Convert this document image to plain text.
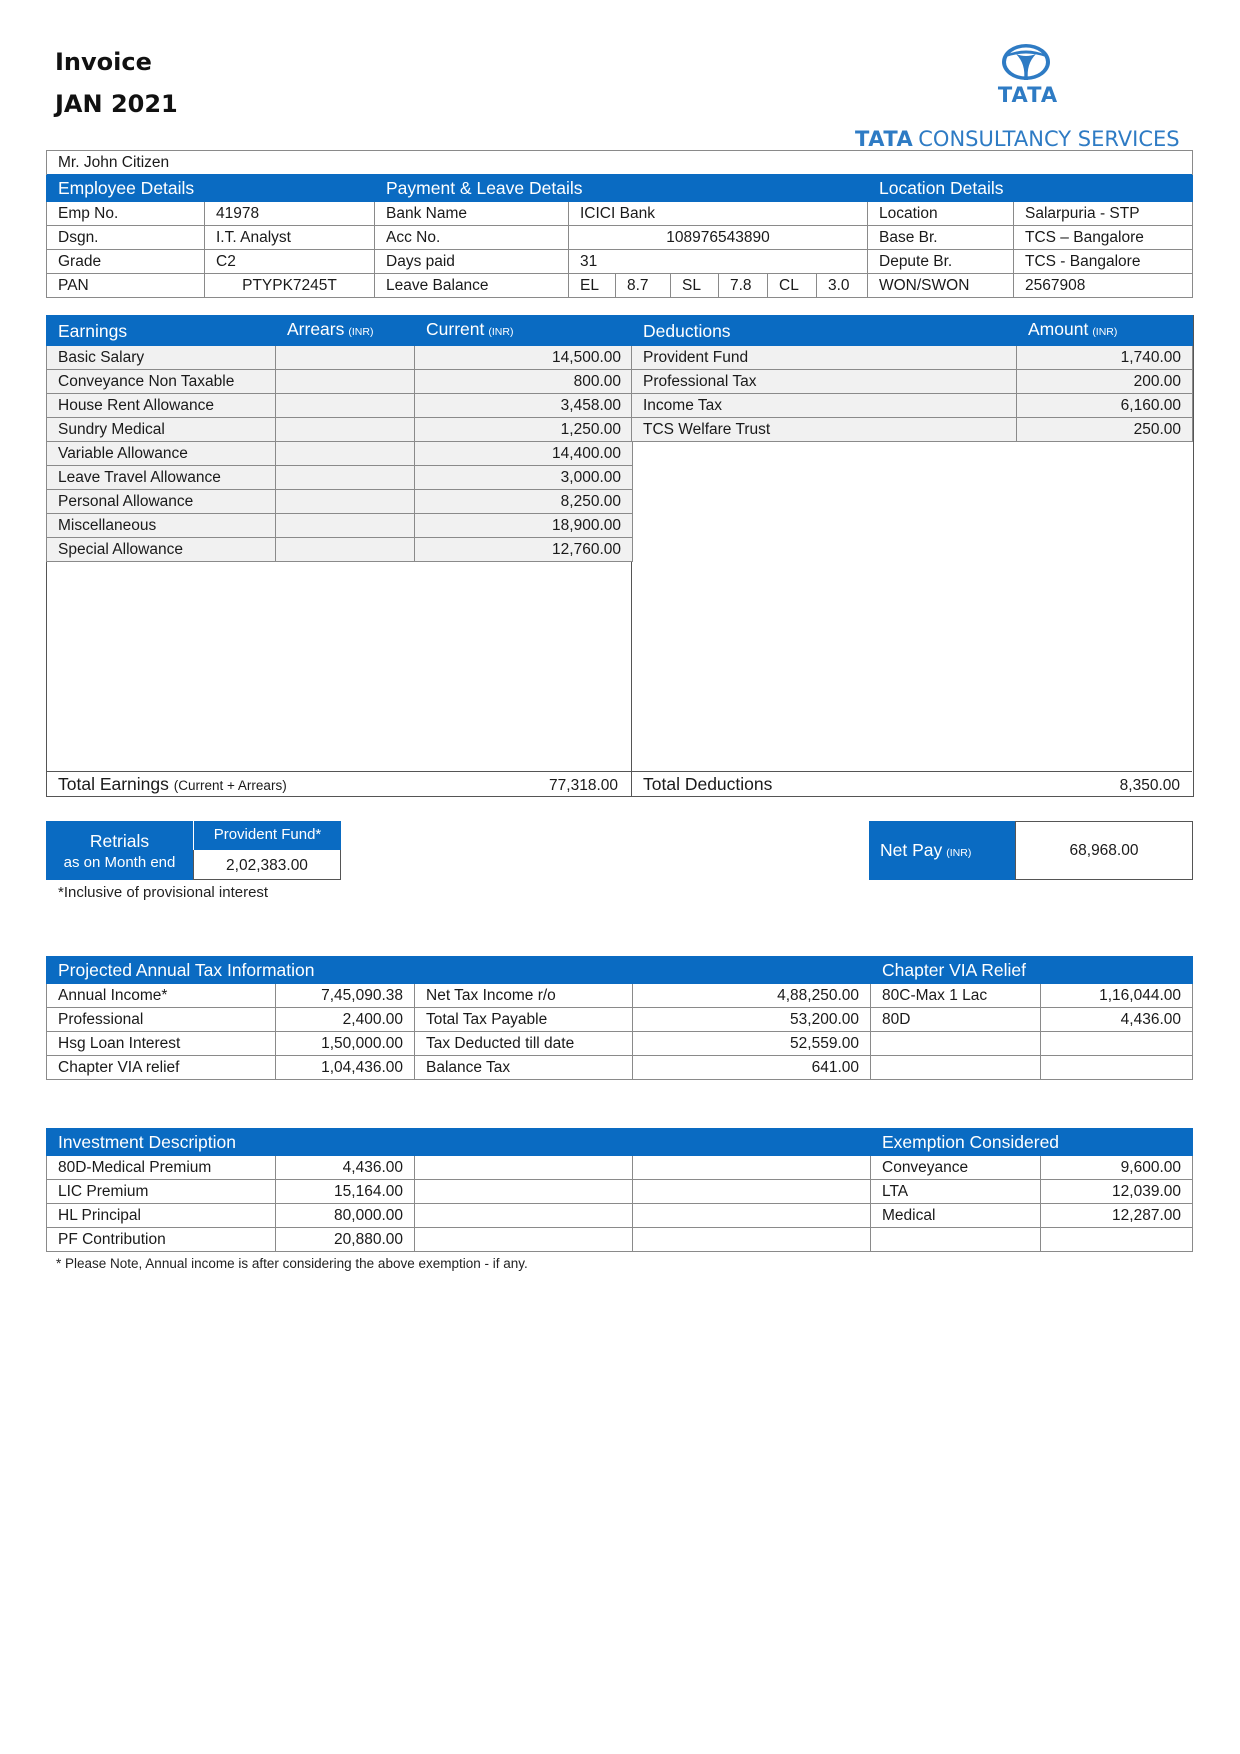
Invoice
JAN 2021	TATA
TATA CONSULTANCY SERVICES
Mr. John Citizen										
Employee Details		Payment & Leave Details							Location Details	
Emp No.	41978	Bank Name	ICICI Bank						Location	Salarpuria - STP
Dsgn.	I.T. Analyst	Acc No.	108976543890						Base Br.	TCS – Bangalore
Grade	C2	Days paid	31						Depute Br.	TCS - Bangalore
PAN	PTYPK7245T	Leave Balance	EL	8.7	SL	7.8	CL	3.0	WON/SWON	2567908
Earnings	Arrears (INR)	Current (INR)
Basic Salary		14,500.00
Conveyance Non Taxable		800.00
House Rent Allowance		3,458.00
Sundry Medical		1,250.00
Variable Allowance		14,400.00
Leave Travel Allowance		3,000.00
Personal Allowance		8,250.00
Miscellaneous		18,900.00
Special Allowance		12,760.00
Deductions	Amount (INR)
Provident Fund	1,740.00
Professional Tax	200.00
Income Tax	6,160.00
TCS Welfare Trust	250.00
Total Earnings (Current + Arrears)	77,318.00 Total Deductions	8,350.00
Retrials
as on Month end
Provident Fund*
2,02,383.00
*Inclusive of provisional interest
Net Pay (INR)	68,968.00
Projected Annual Tax Information				Chapter VIA Relief	
Annual Income*	7,45,090.38	Net Tax Income r/o	4,88,250.00	80C-Max 1 Lac	1,16,044.00
Professional	2,400.00	Total Tax Payable	53,200.00	80D	4,436.00
Hsg Loan Interest	1,50,000.00	Tax Deducted till date	52,559.00		
Chapter VIA relief	1,04,436.00	Balance Tax	641.00		
Investment Description				Exemption Considered	
80D-Medical Premium	4,436.00			Conveyance	9,600.00
LIC Premium	15,164.00			LTA	12,039.00
HL Principal	80,000.00			Medical	12,287.00
PF Contribution	20,880.00				
* Please Note, Annual income is after considering the above exemption - if any.
